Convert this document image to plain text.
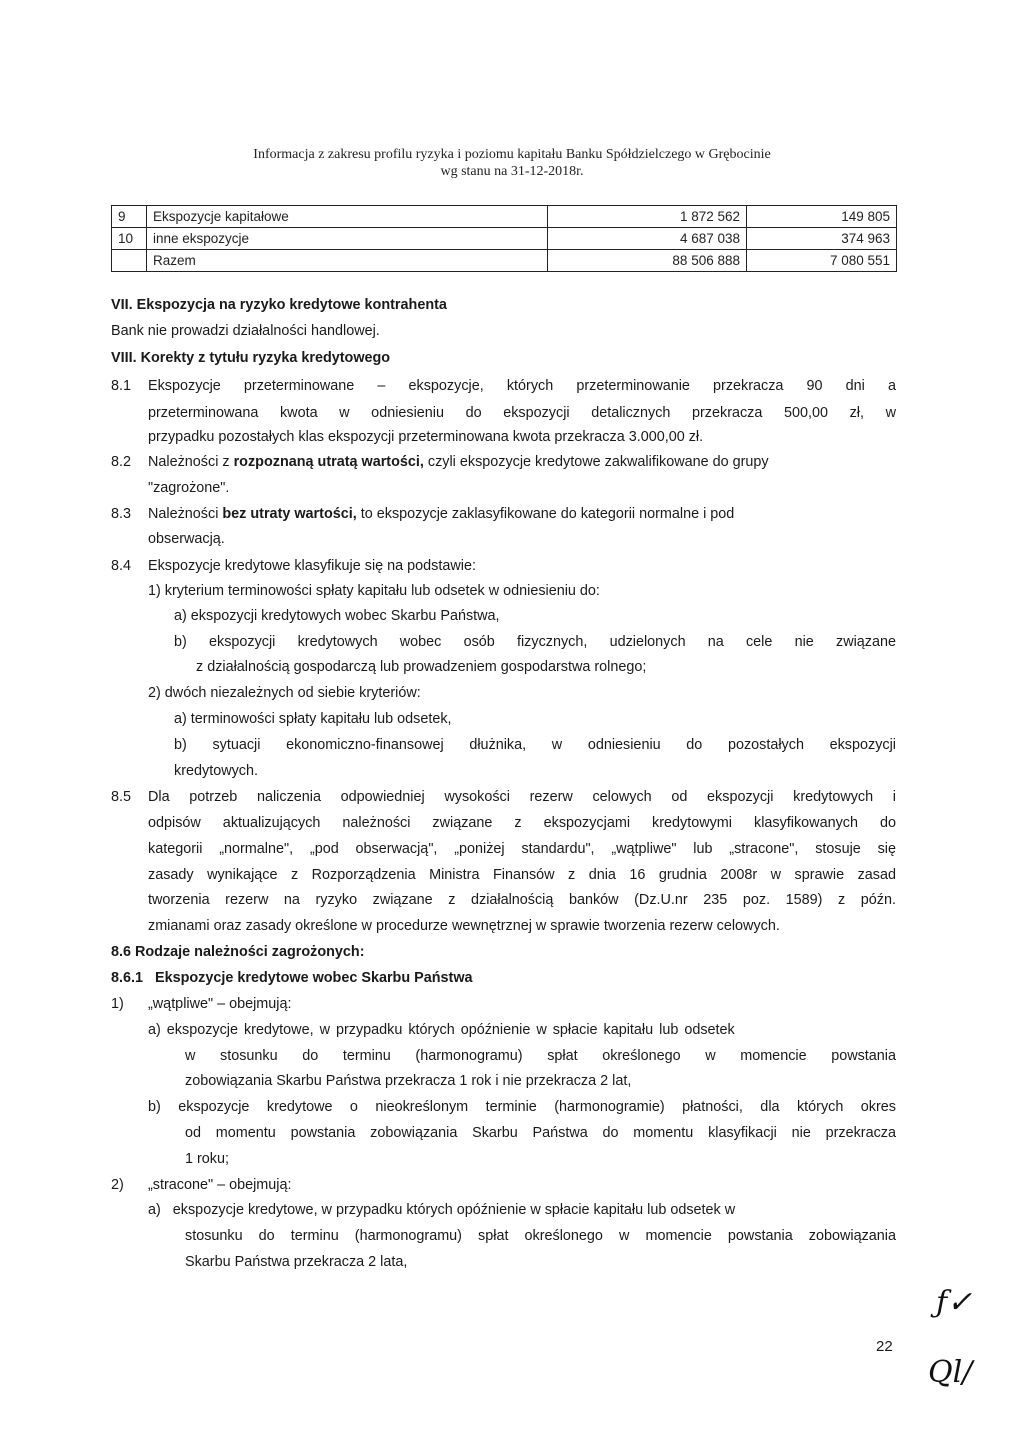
Informacja z zakresu profilu ryzyka i poziomu kapitału Banku Spółdzielczego w Grębocinie
wg stanu na 31-12-2018r.
9	Ekspozycje kapitałowe	1 872 562	149 805
10	inne ekspozycje	4 687 038	374 963
	Razem	88 506 888	7 080 551
VII. Ekspozycja na ryzyko kredytowe kontrahenta
Bank nie prowadzi działalności handlowej.
VIII. Korekty z tytułu ryzyka kredytowego
8.1 Ekspozycje przeterminowane – ekspozycje, których przeterminowanie przekracza 90 dni a
przeterminowana kwota w odniesieniu do ekspozycji detalicznych przekracza 500,00 zł, w
przypadku pozostałych klas ekspozycji przeterminowana kwota przekracza 3.000,00 zł.
8.2 Należności z rozpoznaną utratą wartości, czyli ekspozycje kredytowe zakwalifikowane do grupy
"zagrożone".
8.3 Należności bez utraty wartości, to ekspozycje zaklasyfikowane do kategorii normalne i pod
obserwacją.
8.4 Ekspozycje kredytowe klasyfikuje się na podstawie:
1) kryterium terminowości spłaty kapitału lub odsetek w odniesieniu do:
a) ekspozycji kredytowych wobec Skarbu Państwa,
b) ekspozycji kredytowych wobec osób fizycznych, udzielonych na cele nie związane
z działalnością gospodarczą lub prowadzeniem gospodarstwa rolnego;
2) dwóch niezależnych od siebie kryteriów:
a) terminowości spłaty kapitału lub odsetek,
b) sytuacji ekonomiczno-finansowej dłużnika, w odniesieniu do pozostałych ekspozycji
kredytowych.
8.5 Dla potrzeb naliczenia odpowiedniej wysokości rezerw celowych od ekspozycji kredytowych i
odpisów aktualizujących należności związane z ekspozycjami kredytowymi klasyfikowanych do
kategorii „normalne", „pod obserwacją", „poniżej standardu", „wątpliwe" lub „stracone", stosuje się
zasady wynikające z Rozporządzenia Ministra Finansów z dnia 16 grudnia 2008r w sprawie zasad
tworzenia rezerw na ryzyko związane z działalnością banków (Dz.U.nr 235 poz. 1589) z późn.
zmianami oraz zasady określone w procedurze wewnętrznej w sprawie tworzenia rezerw celowych.
8.6 Rodzaje należności zagrożonych:
8.6.1   Ekspozycje kredytowe wobec Skarbu Państwa
1) „wątpliwe" – obejmują:
a) ekspozycje kredytowe, w przypadku których opóźnienie w spłacie kapitału lub odsetek
w stosunku do terminu (harmonogramu) spłat określonego w momencie powstania
zobowiązania Skarbu Państwa przekracza 1 rok i nie przekracza 2 lat,
b) ekspozycje kredytowe o nieokreślonym terminie (harmonogramie) płatności, dla których okres
od momentu powstania zobowiązania Skarbu Państwa do momentu klasyfikacji nie przekracza
1 roku;
2) „stracone" – obejmują:
a)   ekspozycje kredytowe, w przypadku których opóźnienie w spłacie kapitału lub odsetek w
stosunku do terminu (harmonogramu) spłat określonego w momencie powstania zobowiązania
Skarbu Państwa przekracza 2 lata,
22
ƒ✓
Ql/
